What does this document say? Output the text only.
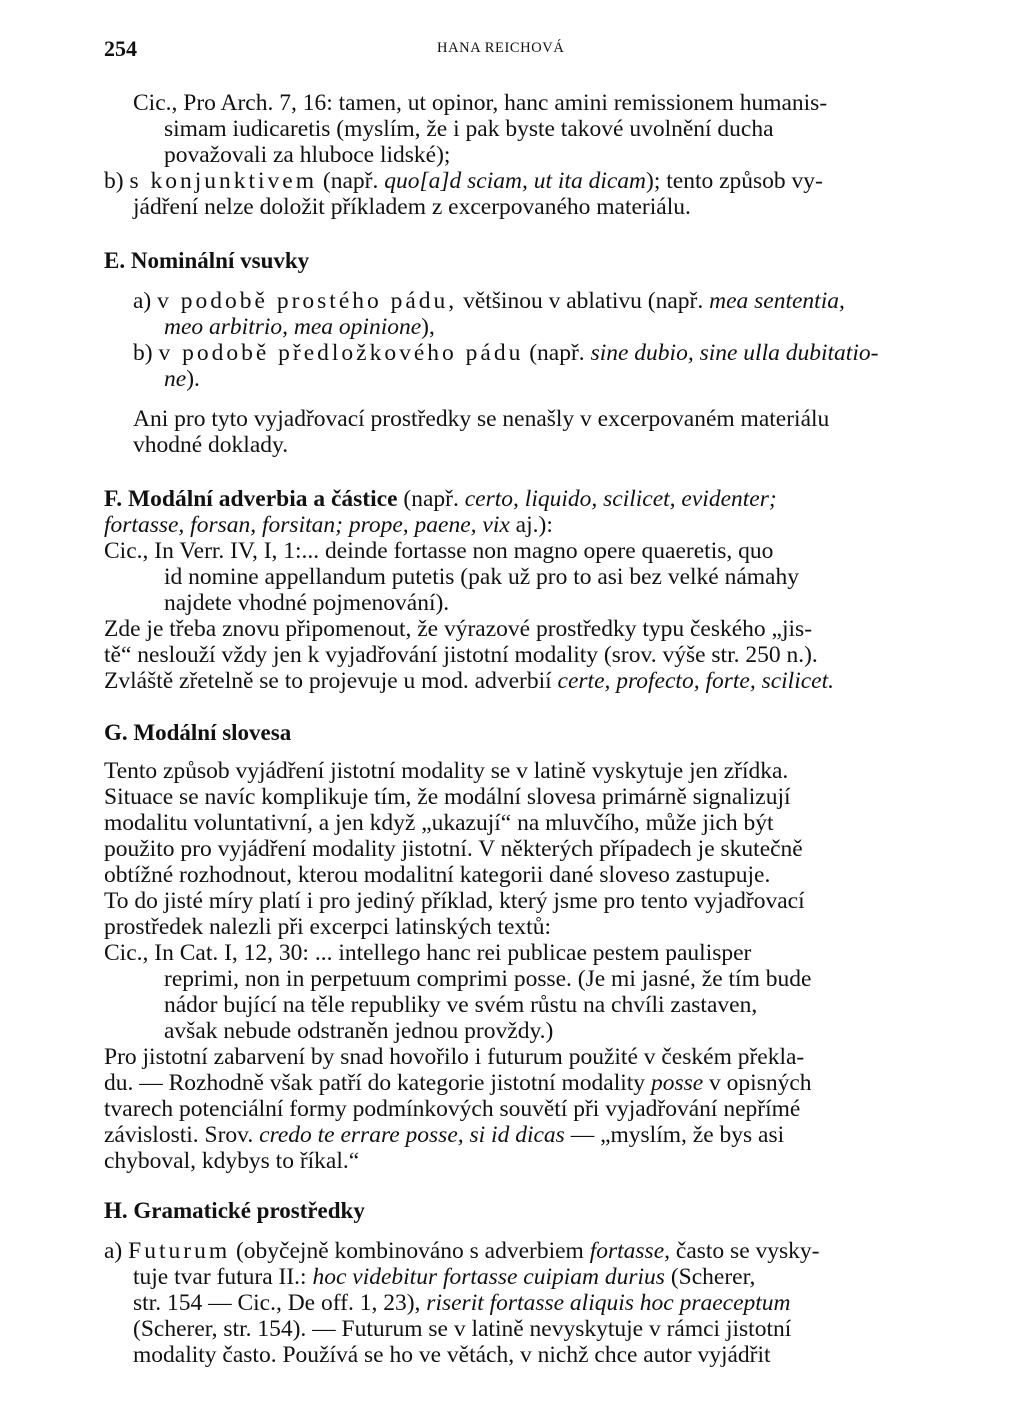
254	HANA REICHOVÁ

Cic., Pro Arch. 7, 16: tamen, ut opinor, hanc amini remissionem humanis-

simam iudicaretis (myslím, že i pak byste takové uvolnění ducha

považovali za hluboce lidské);

b) s konjunktivem (např. quo[a]d sciam, ut ita dicam); tento způsob vy-

jádření nelze doložit příkladem z excerpovaného materiálu.

E. Nominální vsuvky

a) v podobě prostého pádu, většinou v ablativu (např. mea sententia,

meo arbitrio, mea opinione),

b) v podobě předložkového pádu (např. sine dubio, sine ulla dubitatio-

ne).

Ani pro tyto vyjadřovací prostředky se nenašly v excerpovaném materiálu

vhodné doklady.

F. Modální adverbia a částice (např. certo, liquido, scilicet, evidenter;

fortasse, forsan, forsitan; prope, paene, vix aj.):

Cic., In Verr. IV, I, 1:... deinde fortasse non magno opere quaeretis, quo

id nomine appellandum putetis (pak už pro to asi bez velké námahy

najdete vhodné pojmenování).

Zde je třeba znovu připomenout, že výrazové prostředky typu českého „jis-

tě“ neslouží vždy jen k vyjadřování jistotní modality (srov. výše str. 250 n.).

Zvláště zřetelně se to projevuje u mod. adverbií certe, profecto, forte, scilicet.

G. Modální slovesa

Tento způsob vyjádření jistotní modality se v latině vyskytuje jen zřídka.

Situace se navíc komplikuje tím, že modální slovesa primárně signalizují

modalitu voluntativní, a jen když „ukazují“ na mluvčího, může jich být

použito pro vyjádření modality jistotní. V některých případech je skutečně

obtížné rozhodnout, kterou modalitní kategorii dané sloveso zastupuje.

To do jisté míry platí i pro jediný příklad, který jsme pro tento vyjadřovací

prostředek nalezli při excerpci latinských textů:

Cic., In Cat. I, 12, 30: ... intellego hanc rei publicae pestem paulisper

reprimi, non in perpetuum comprimi posse. (Je mi jasné, že tím bude

nádor bující na těle republiky ve svém růstu na chvíli zastaven,

avšak nebude odstraněn jednou provždy.)

Pro jistotní zabarvení by snad hovořilo i futurum použité v českém překla-

du. — Rozhodně však patří do kategorie jistotní modality posse v opisných

tvarech potenciální formy podmínkových souvětí při vyjadřování nepřímé

závislosti. Srov. credo te errare posse, si id dicas — „myslím, že bys asi

chyboval, kdybys to říkal.“

H. Gramatické prostředky

a) Futurum (obyčejně kombinováno s adverbiem fortasse, často se vysky-

tuje tvar futura II.: hoc videbitur fortasse cuipiam durius (Scherer,

str. 154 — Cic., De off. 1, 23), riserit fortasse aliquis hoc praeceptum

(Scherer, str. 154). — Futurum se v latině nevyskytuje v rámci jistotní

modality často. Používá se ho ve větách, v nichž chce autor vyjádřit
